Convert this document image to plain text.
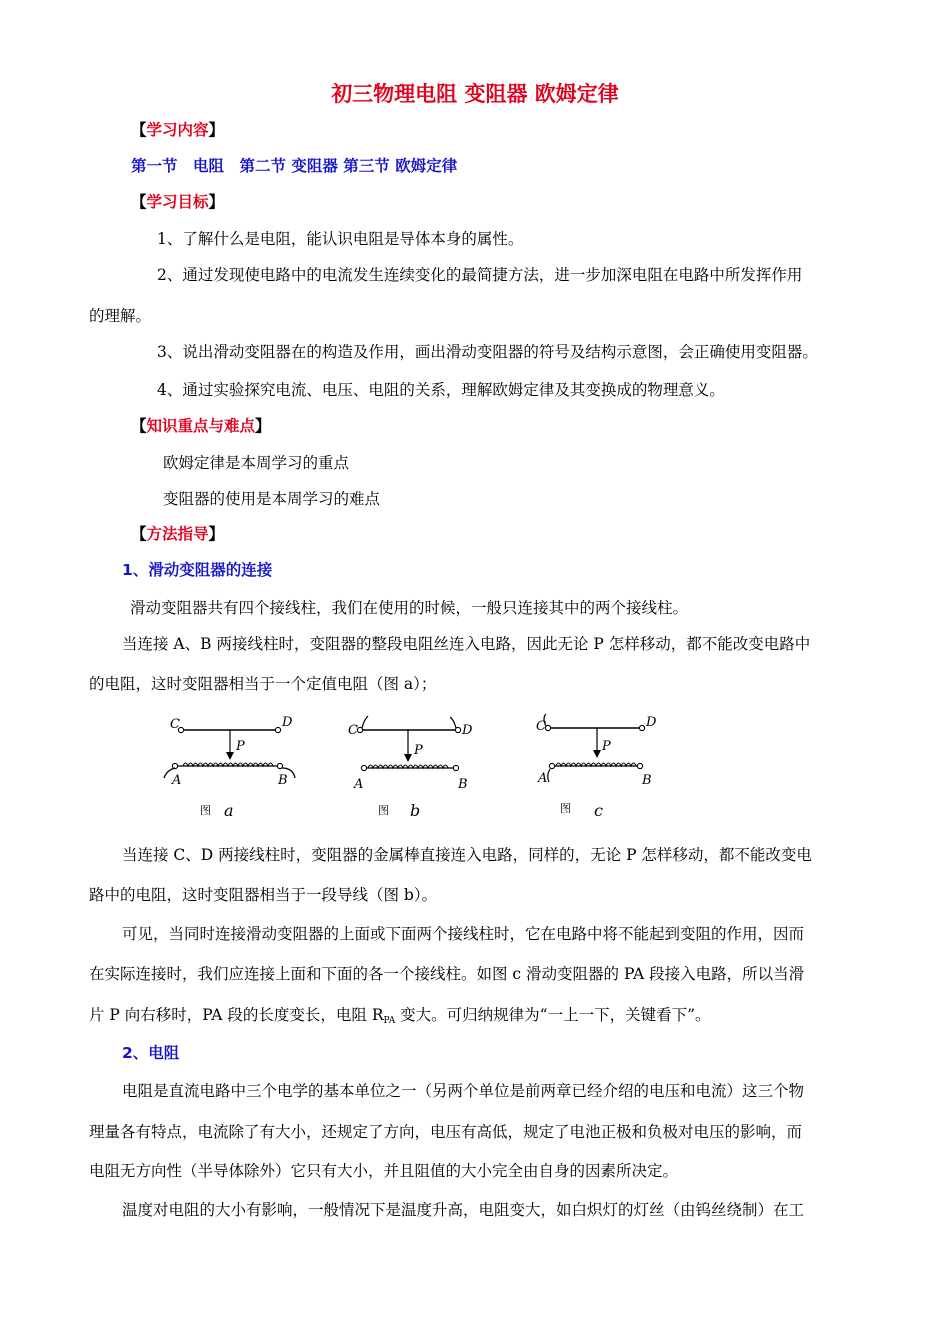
初三物理电阻 变阻器 欧姆定律
【学习内容】
第一节　电阻　第二节 变阻器 第三节 欧姆定律
【学习目标】
1、了解什么是电阻，能认识电阻是导体本身的属性。
2、通过发现使电路中的电流发生连续变化的最简捷方法，进一步加深电阻在电路中所发挥作用
的理解。
3、说出滑动变阻器在的构造及作用，画出滑动变阻器的符号及结构示意图，会正确使用变阻器。
4、通过实验探究电流、电压、电阻的关系，理解欧姆定律及其变换成的物理意义。
【知识重点与难点】
欧姆定律是本周学习的重点
变阻器的使用是本周学习的难点
【方法指导】
1、滑动变阻器的连接
滑动变阻器共有四个接线柱，我们在使用的时候，一般只连接其中的两个接线柱。
当连接 A、B 两接线柱时，变阻器的整段电阻丝连入电路，因此无论 P 怎样移动，都不能改变电路中
的电阻，这时变阻器相当于一个定值电阻（图 a）；
C	D
P
A	B
图 a
C	D
P
A	B
图 b
C	D
P
A	B
图 c
当连接 C、D 两接线柱时，变阻器的金属棒直接连入电路，同样的，无论 P 怎样移动，都不能改变电
路中的电阻，这时变阻器相当于一段导线（图 b）。
可见，当同时连接滑动变阻器的上面或下面两个接线柱时，它在电路中将不能起到变阻的作用，因而
在实际连接时，我们应连接上面和下面的各一个接线柱。如图 c 滑动变阻器的 PA 段接入电路，所以当滑
片 P 向右移时，PA 段的长度变长，电阻 $R_{PA}$ 变大。可归纳规律为“一上一下，关键看下”。
2、电阻
电阻是直流电路中三个电学的基本单位之一（另两个单位是前两章已经介绍的电压和电流）这三个物
理量各有特点，电流除了有大小，还规定了方向，电压有高低，规定了电池正极和负极对电压的影响，而
电阻无方向性（半导体除外）它只有大小，并且阻值的大小完全由自身的因素所决定。
温度对电阻的大小有影响，一般情况下是温度升高，电阻变大，如白炽灯的灯丝（由钨丝绕制）在工
